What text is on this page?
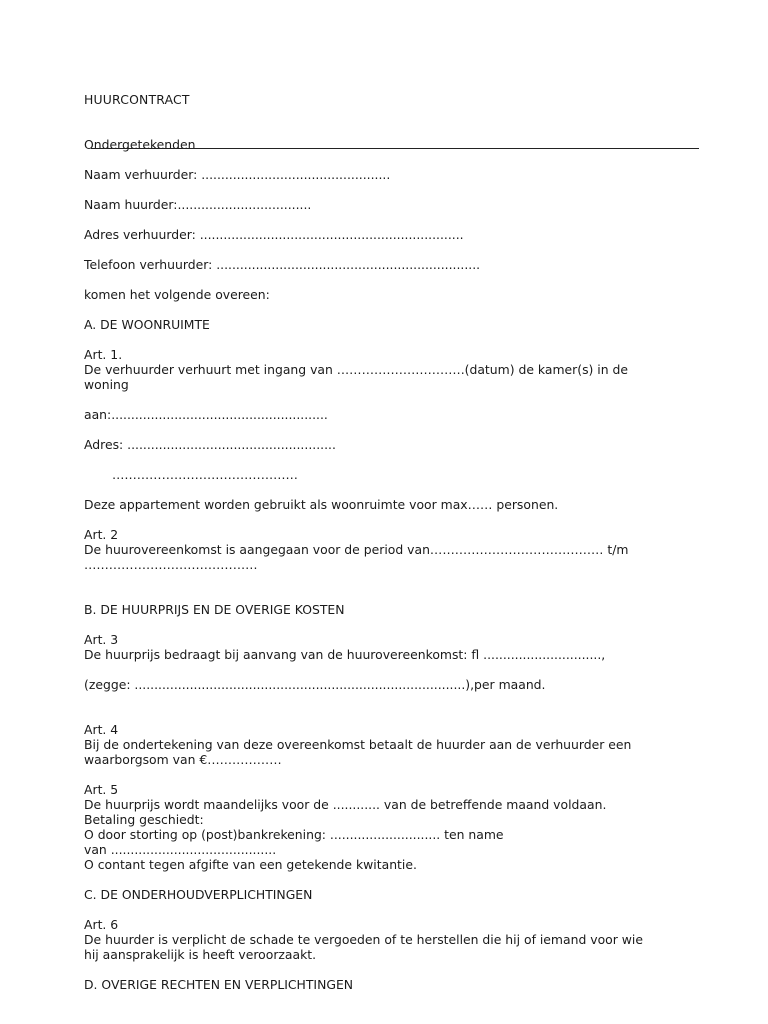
HUURCONTRACT

Ondergetekenden

Naam verhuurder: ................................................

Naam huurder:..................................

Adres verhuurder: ...................................................................

Telefoon verhuurder: ...................................................................

komen het volgende overeen:

A. DE WOONRUIMTE

Art. 1.

De verhuurder verhuurt met ingang van ………………………….(datum) de kamer(s) in de

woning

aan:.......................................................

Adres: .....................................................

………………………………………

Deze appartement worden gebruikt als woonruimte voor max…… personen.

Art. 2

De huurovereenkomst is aangegaan voor de period van…………………………………… t/m

……………………………………

B. DE HUURPRIJS EN DE OVERIGE KOSTEN

Art. 3

De huurprijs bedraagt bij aanvang van de huurovereenkomst: fl ..............................,

(zegge: ....................................................................................),per maand.

Art. 4

Bij de ondertekening van deze overeenkomst betaalt de huurder aan de verhuurder een

waarborgsom van €………………

Art. 5

De huurprijs wordt maandelijks voor de ............ van de betreffende maand voldaan.

Betaling geschiedt:

O door storting op (post)bankrekening: ............................ ten name

van ..........................................

O contant tegen afgifte van een getekende kwitantie.

C. DE ONDERHOUDVERPLICHTINGEN

Art. 6

De huurder is verplicht de schade te vergoeden of te herstellen die hij of iemand voor wie

hij aansprakelijk is heeft veroorzaakt.

D. OVERIGE RECHTEN EN VERPLICHTINGEN
